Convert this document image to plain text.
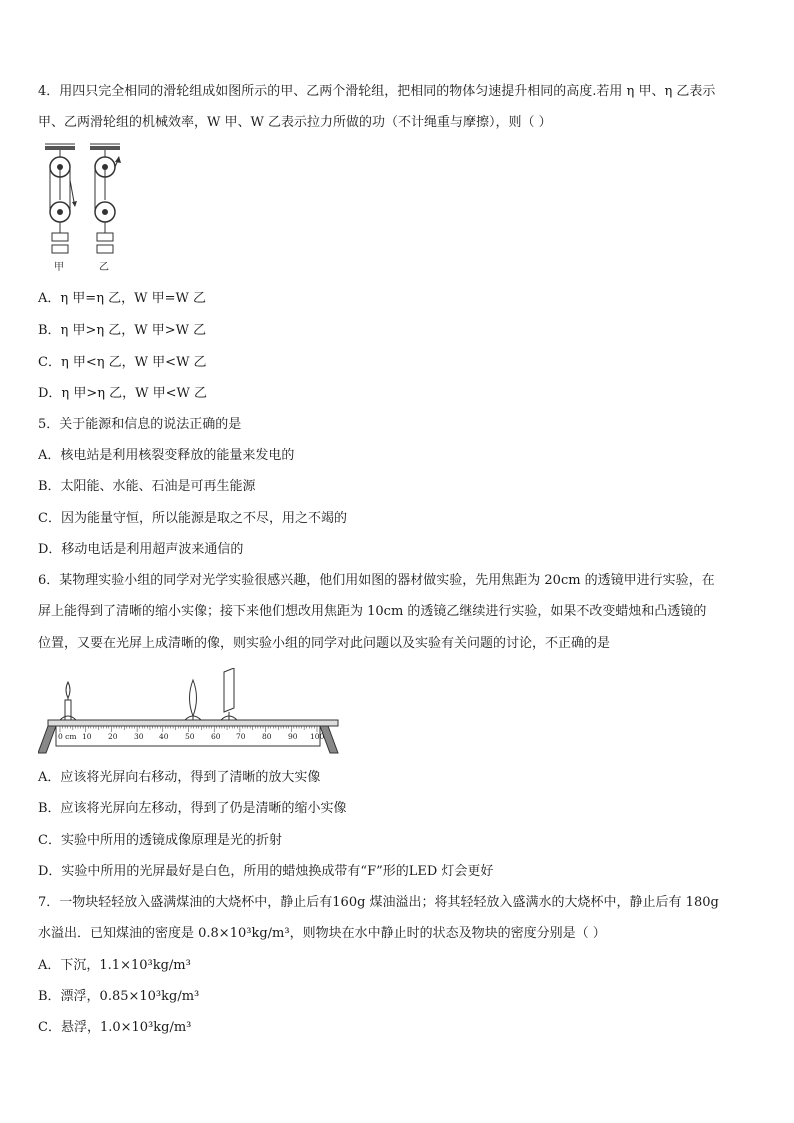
4．用四只完全相同的滑轮组成如图所示的甲、乙两个滑轮组，把相同的物体匀速提升相同的高度.若用 η 甲、η 乙表示
甲、乙两滑轮组的机械效率，W 甲、W 乙表示拉力所做的功（不计绳重与摩擦），则（ ）
甲	乙
A．η 甲=η 乙，W 甲=W 乙
B．η 甲>η 乙，W 甲>W 乙
C．η 甲<η 乙，W 甲<W 乙
D．η 甲>η 乙，W 甲<W 乙
5．关于能源和信息的说法正确的是
A．核电站是利用核裂变释放的能量来发电的
B．太阳能、水能、石油是可再生能源
C．因为能量守恒，所以能源是取之不尽，用之不竭的
D．移动电话是利用超声波来通信的
6．某物理实验小组的同学对光学实验很感兴趣，他们用如图的器材做实验，先用焦距为 20cm 的透镜甲进行实验，在
屏上能得到了清晰的缩小实像；接下来他们想改用焦距为 10cm 的透镜乙继续进行实验，如果不改变蜡烛和凸透镜的
位置，又要在光屏上成清晰的像，则实验小组的同学对此问题以及实验有关问题的讨论，不正确的是
0 cm 10 20 30 40 50 60 70 80 90 100
A．应该将光屏向右移动，得到了清晰的放大实像
B．应该将光屏向左移动，得到了仍是清晰的缩小实像
C．实验中所用的透镜成像原理是光的折射
D．实验中所用的光屏最好是白色，所用的蜡烛换成带有“F”形的LED 灯会更好
7．一物块轻轻放入盛满煤油的大烧杯中，静止后有160g 煤油溢出；将其轻轻放入盛满水的大烧杯中，静止后有 180g
水溢出．已知煤油的密度是 0.8×10³kg/m³，则物块在水中静止时的状态及物块的密度分别是（ ）
A．下沉，1.1×10³kg/m³
B．漂浮，0.85×10³kg/m³
C．悬浮，1.0×10³kg/m³
